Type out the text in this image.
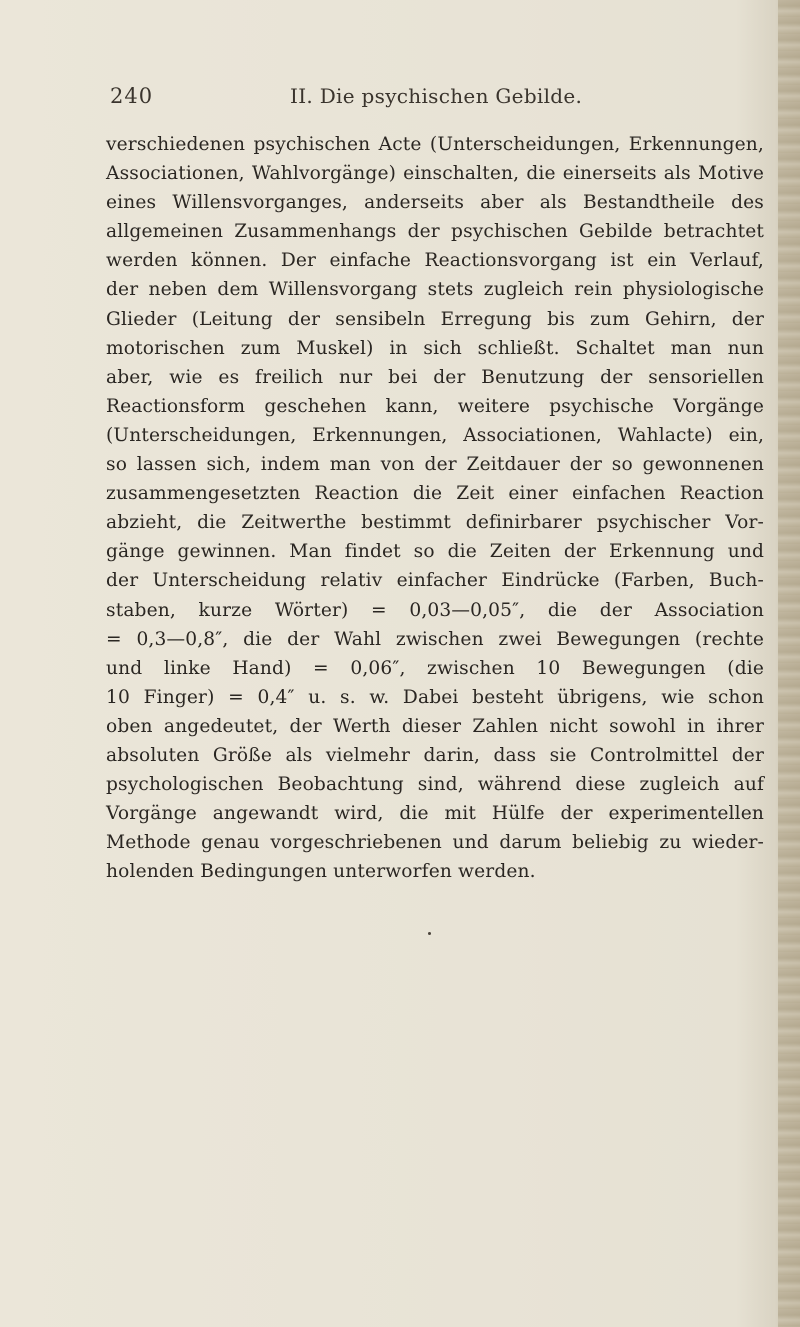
240	II. Die psychischen Gebilde.
verschiedenen psychischen Acte (Unterscheidungen, Erkennungen,
Associationen, Wahlvorgänge) einschalten, die einerseits als Motive
eines Willensvorganges, anderseits aber als Bestandtheile des
allgemeinen Zusammenhangs der psychischen Gebilde betrachtet
werden können. Der einfache Reactionsvorgang ist ein Verlauf,
der neben dem Willensvorgang stets zugleich rein physiologische
Glieder (Leitung der sensibeln Erregung bis zum Gehirn, der
motorischen zum Muskel) in sich schließt. Schaltet man nun
aber, wie es freilich nur bei der Benutzung der sensoriellen
Reactionsform geschehen kann, weitere psychische Vorgänge
(Unterscheidungen, Erkennungen, Associationen, Wahlacte) ein,
so lassen sich, indem man von der Zeitdauer der so gewonnenen
zusammengesetzten Reaction die Zeit einer einfachen Reaction
abzieht, die Zeitwerthe bestimmt definirbarer psychischer Vor-
gänge gewinnen. Man findet so die Zeiten der Erkennung und
der Unterscheidung relativ einfacher Eindrücke (Farben, Buch-
staben, kurze Wörter) = 0,03—0,05″, die der Association
= 0,3—0,8″, die der Wahl zwischen zwei Bewegungen (rechte
und linke Hand) = 0,06″, zwischen 10 Bewegungen (die
10 Finger) = 0,4″ u. s. w. Dabei besteht übrigens, wie schon
oben angedeutet, der Werth dieser Zahlen nicht sowohl in ihrer
absoluten Größe als vielmehr darin, dass sie Controlmittel der
psychologischen Beobachtung sind, während diese zugleich auf
Vorgänge angewandt wird, die mit Hülfe der experimentellen
Methode genau vorgeschriebenen und darum beliebig zu wieder-
holenden Bedingungen unterworfen werden.
